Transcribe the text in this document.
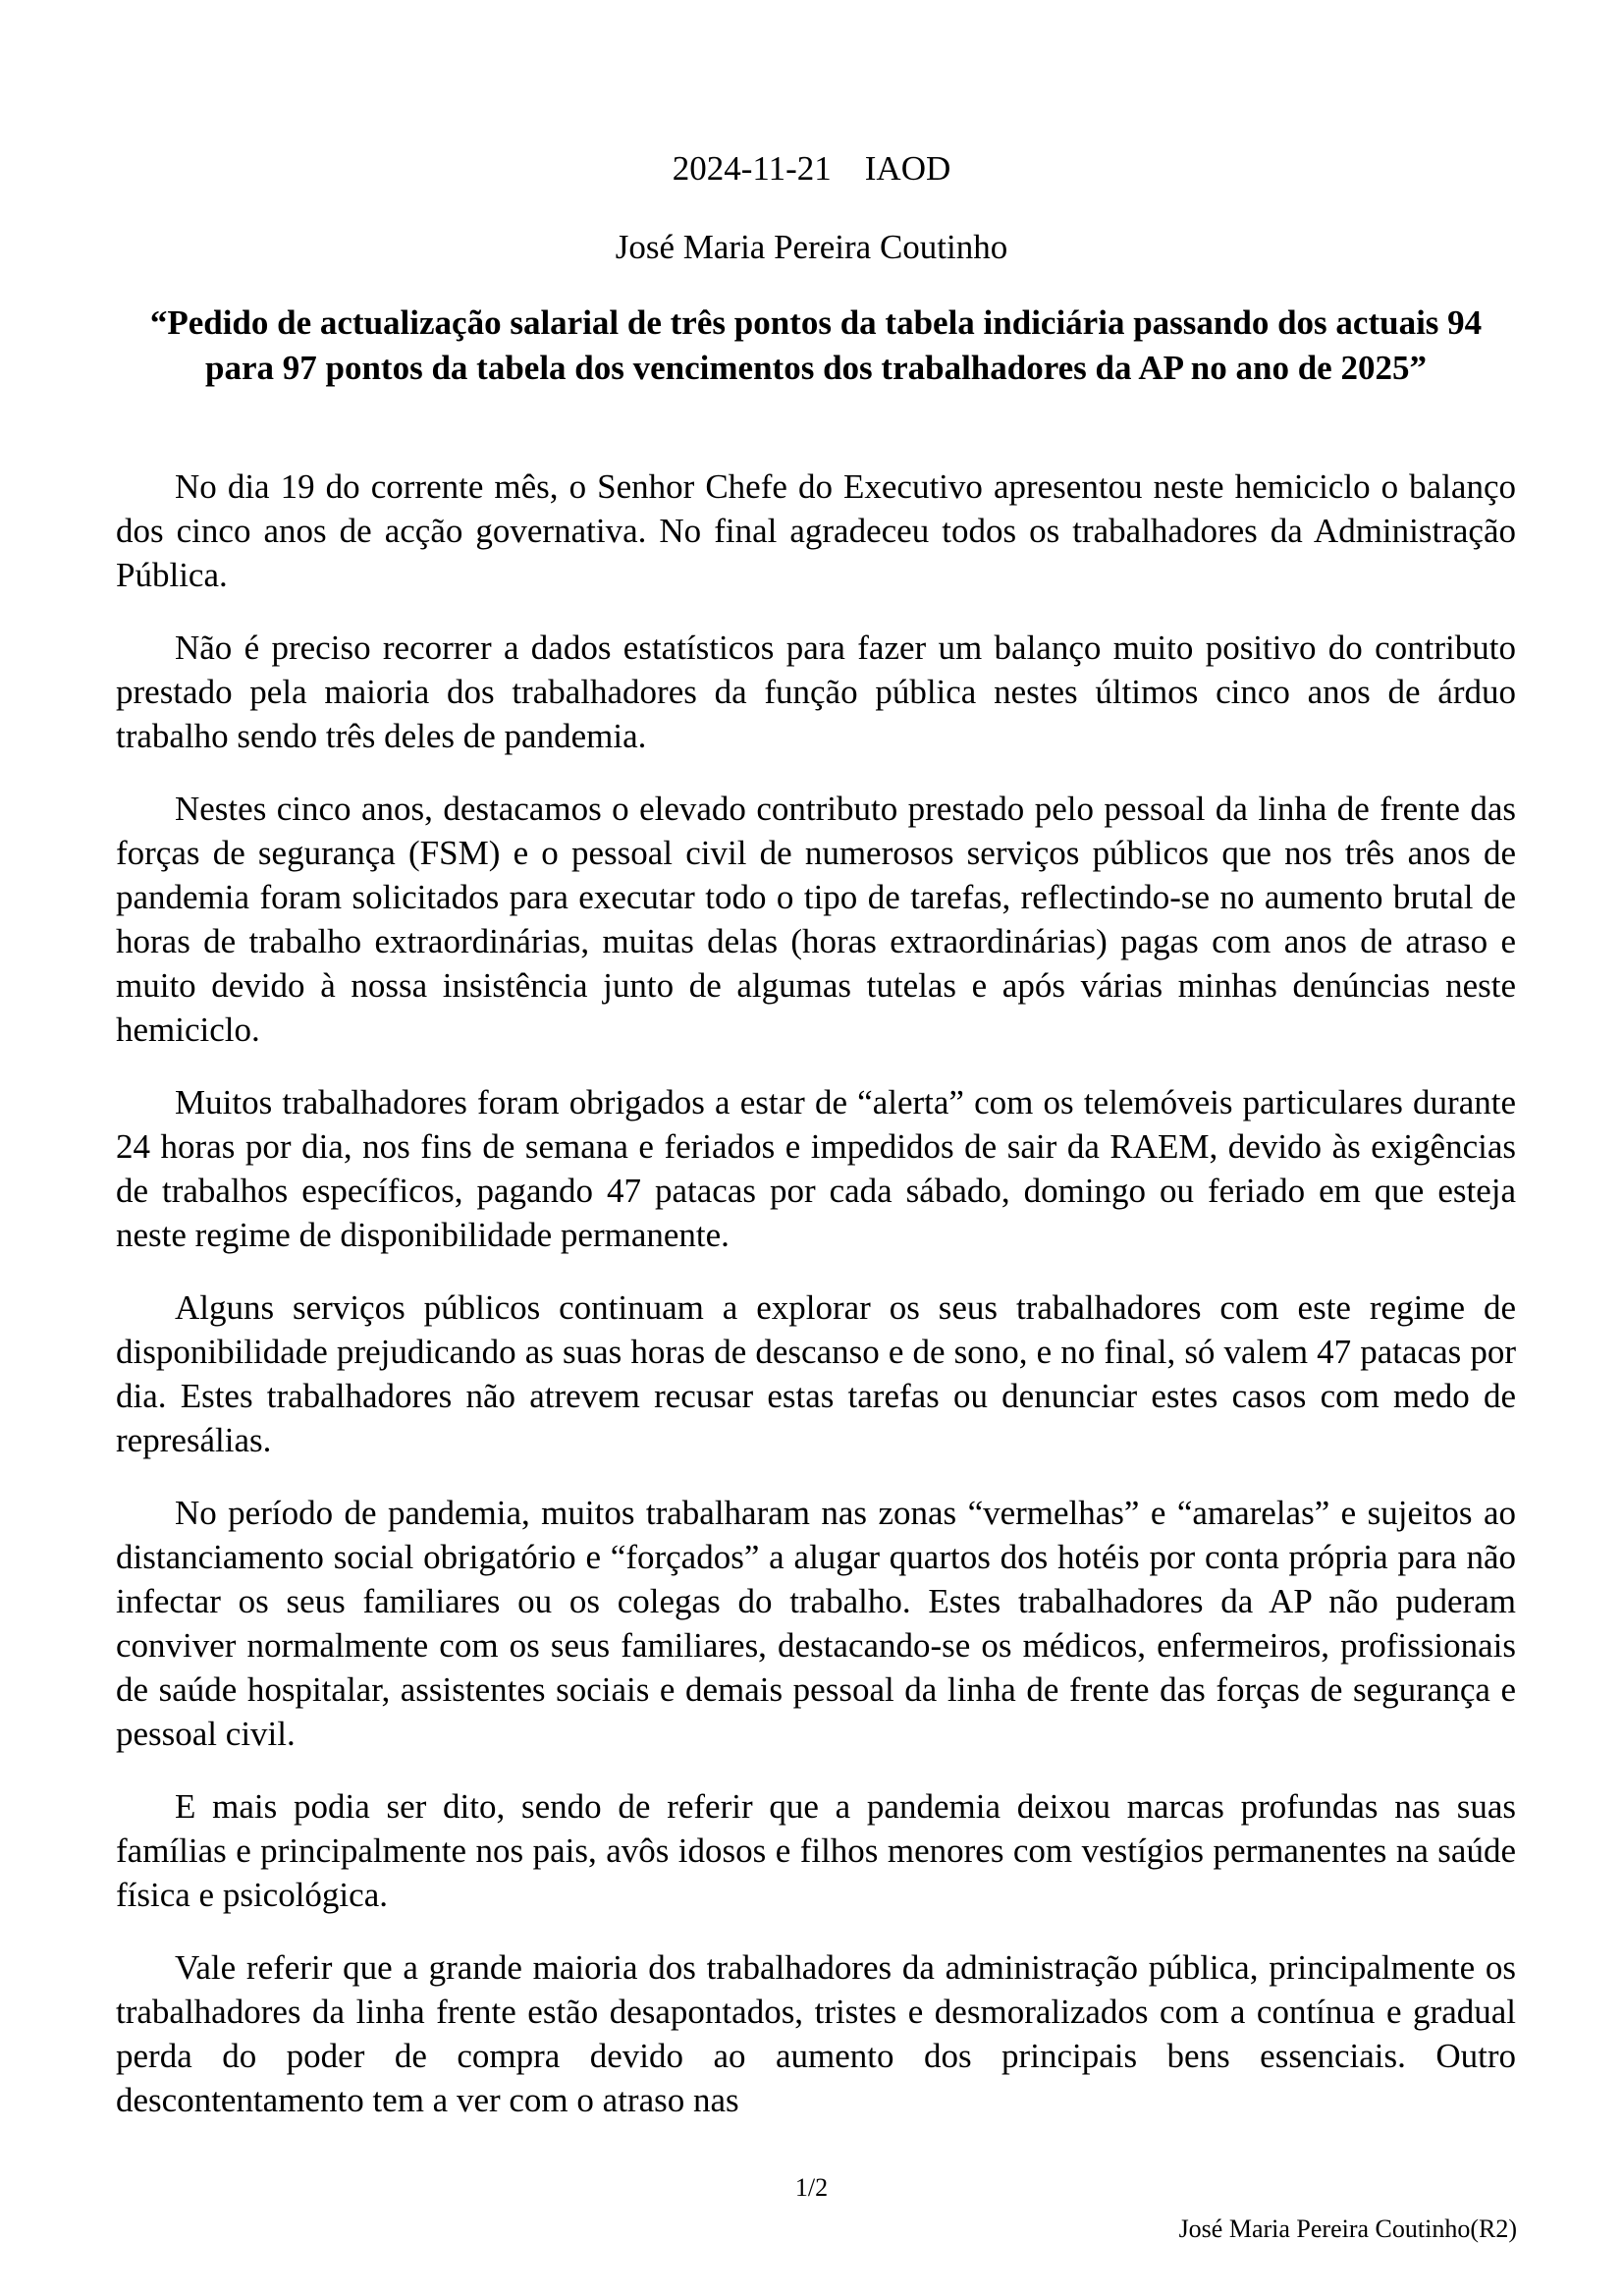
2024-11-21 IAOD
José Maria Pereira Coutinho

“Pedido de actualização salarial de três pontos da tabela indiciária passando dos actuais 94 para 97 pontos da tabela dos vencimentos dos trabalhadores da AP no ano de 2025”

No dia 19 do corrente mês, o Senhor Chefe do Executivo apresentou neste hemiciclo o balanço dos cinco anos de acção governativa. No final agradeceu todos os trabalhadores da Administração Pública.

Não é preciso recorrer a dados estatísticos para fazer um balanço muito positivo do contributo prestado pela maioria dos trabalhadores da função pública nestes últimos cinco anos de árduo trabalho sendo três deles de pandemia.

Nestes cinco anos, destacamos o elevado contributo prestado pelo pessoal da linha de frente das forças de segurança (FSM) e o pessoal civil de numerosos serviços públicos que nos três anos de pandemia foram solicitados para executar todo o tipo de tarefas, reflectindo-se no aumento brutal de horas de trabalho extraordinárias, muitas delas (horas extraordinárias) pagas com anos de atraso e muito devido à nossa insistência junto de algumas tutelas e após várias minhas denúncias neste hemiciclo.

Muitos trabalhadores foram obrigados a estar de “alerta” com os telemóveis particulares durante 24 horas por dia, nos fins de semana e feriados e impedidos de sair da RAEM, devido às exigências de trabalhos específicos, pagando 47 patacas por cada sábado, domingo ou feriado em que esteja neste regime de disponibilidade permanente.

Alguns serviços públicos continuam a explorar os seus trabalhadores com este regime de disponibilidade prejudicando as suas horas de descanso e de sono, e no final, só valem 47 patacas por dia. Estes trabalhadores não atrevem recusar estas tarefas ou denunciar estes casos com medo de represálias.

No período de pandemia, muitos trabalharam nas zonas “vermelhas” e “amarelas” e sujeitos ao distanciamento social obrigatório e “forçados” a alugar quartos dos hotéis por conta própria para não infectar os seus familiares ou os colegas do trabalho. Estes trabalhadores da AP não puderam conviver normalmente com os seus familiares, destacando-se os médicos, enfermeiros, profissionais de saúde hospitalar, assistentes sociais e demais pessoal da linha de frente das forças de segurança e pessoal civil.

E mais podia ser dito, sendo de referir que a pandemia deixou marcas profundas nas suas famílias e principalmente nos pais, avôs idosos e filhos menores com vestígios permanentes na saúde física e psicológica.

Vale referir que a grande maioria dos trabalhadores da administração pública, principalmente os trabalhadores da linha frente estão desapontados, tristes e desmoralizados com a contínua e gradual perda do poder de compra devido ao aumento dos principais bens essenciais. Outro descontentamento tem a ver com o atraso nas

1/2
José Maria Pereira Coutinho(R2)
